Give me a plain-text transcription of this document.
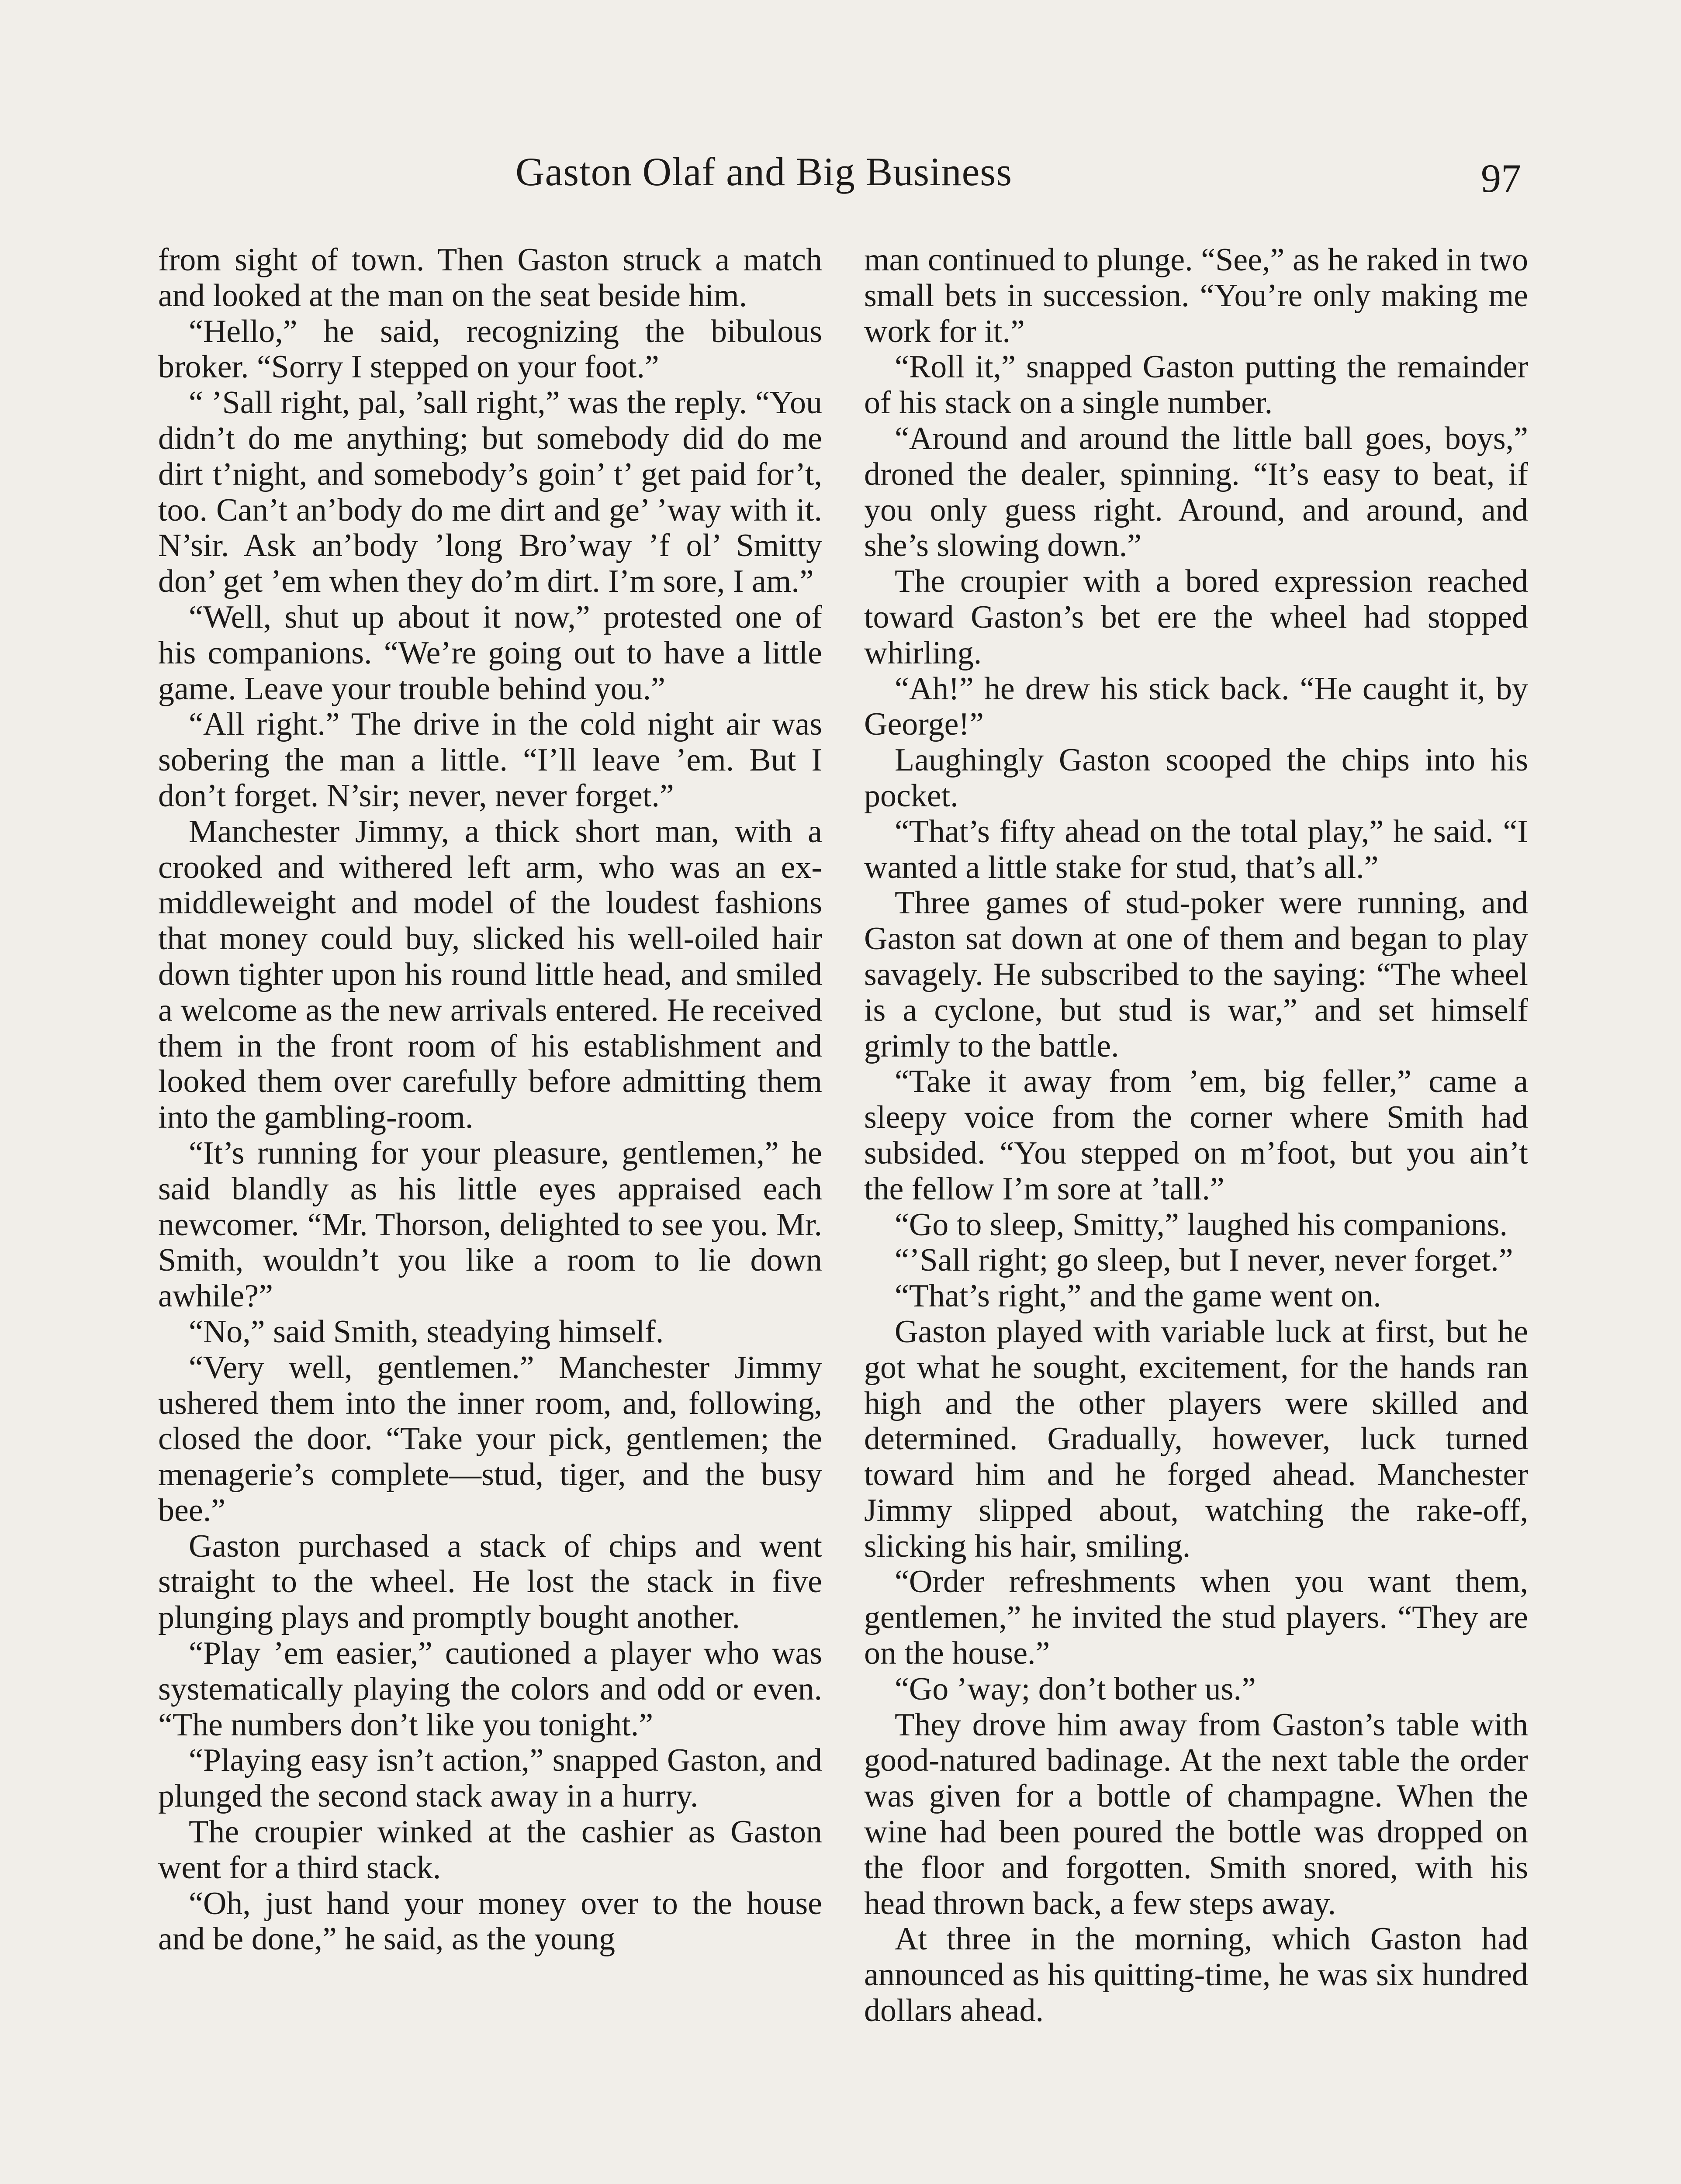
Gaston Olaf and Big Business	97

from sight of town. Then Gaston struck a match and looked at the man on the seat beside him.

“Hello,” he said, recognizing the bibulous broker. “Sorry I stepped on your foot.”

“ ’Sall right, pal, ’sall right,” was the reply. “You didn’t do me anything; but somebody did do me dirt t’night, and somebody’s goin’ t’ get paid for’t, too. Can’t an’body do me dirt and ge’ ’way with it. N’sir. Ask an’body ’long Bro’way ’f ol’ Smitty don’ get ’em when they do’m dirt. I’m sore, I am.”

“Well, shut up about it now,” protested one of his companions. “We’re going out to have a little game. Leave your trouble behind you.”

“All right.” The drive in the cold night air was sobering the man a little. “I’ll leave ’em. But I don’t forget. N’sir; never, never forget.”

Manchester Jimmy, a thick short man, with a crooked and withered left arm, who was an ex-middleweight and model of the loudest fashions that money could buy, slicked his well-oiled hair down tighter upon his round little head, and smiled a welcome as the new arrivals entered. He received them in the front room of his establishment and looked them over carefully before admitting them into the gambling-room.

“It’s running for your pleasure, gentlemen,” he said blandly as his little eyes appraised each newcomer. “Mr. Thorson, delighted to see you. Mr. Smith, wouldn’t you like a room to lie down awhile?”

“No,” said Smith, steadying himself.

“Very well, gentlemen.” Manchester Jimmy ushered them into the inner room, and, following, closed the door. “Take your pick, gentlemen; the menagerie’s complete—stud, tiger, and the busy bee.”

Gaston purchased a stack of chips and went straight to the wheel. He lost the stack in five plunging plays and promptly bought another.

“Play ’em easier,” cautioned a player who was systematically playing the colors and odd or even. “The numbers don’t like you tonight.”

“Playing easy isn’t action,” snapped Gaston, and plunged the second stack away in a hurry.

The croupier winked at the cashier as Gaston went for a third stack.

“Oh, just hand your money over to the house and be done,” he said, as the young

man continued to plunge. “See,” as he raked in two small bets in succession. “You’re only making me work for it.”

“Roll it,” snapped Gaston putting the remainder of his stack on a single number.

“Around and around the little ball goes, boys,” droned the dealer, spinning. “It’s easy to beat, if you only guess right. Around, and around, and she’s slowing down.”

The croupier with a bored expression reached toward Gaston’s bet ere the wheel had stopped whirling.

“Ah!” he drew his stick back. “He caught it, by George!”

Laughingly Gaston scooped the chips into his pocket.

“That’s fifty ahead on the total play,” he said. “I wanted a little stake for stud, that’s all.”

Three games of stud-poker were running, and Gaston sat down at one of them and began to play savagely. He subscribed to the saying: “The wheel is a cyclone, but stud is war,” and set himself grimly to the battle.

“Take it away from ’em, big feller,” came a sleepy voice from the corner where Smith had subsided. “You stepped on m’foot, but you ain’t the fellow I’m sore at ’tall.”

“Go to sleep, Smitty,” laughed his companions.

“’Sall right; go sleep, but I never, never forget.”

“That’s right,” and the game went on.

Gaston played with variable luck at first, but he got what he sought, excitement, for the hands ran high and the other players were skilled and determined. Gradually, however, luck turned toward him and he forged ahead. Manchester Jimmy slipped about, watching the rake-off, slicking his hair, smiling.

“Order refreshments when you want them, gentlemen,” he invited the stud players. “They are on the house.”

“Go ’way; don’t bother us.”

They drove him away from Gaston’s table with good-natured badinage. At the next table the order was given for a bottle of champagne. When the wine had been poured the bottle was dropped on the floor and forgotten. Smith snored, with his head thrown back, a few steps away.

At three in the morning, which Gaston had announced as his quitting-time, he was six hundred dollars ahead.
